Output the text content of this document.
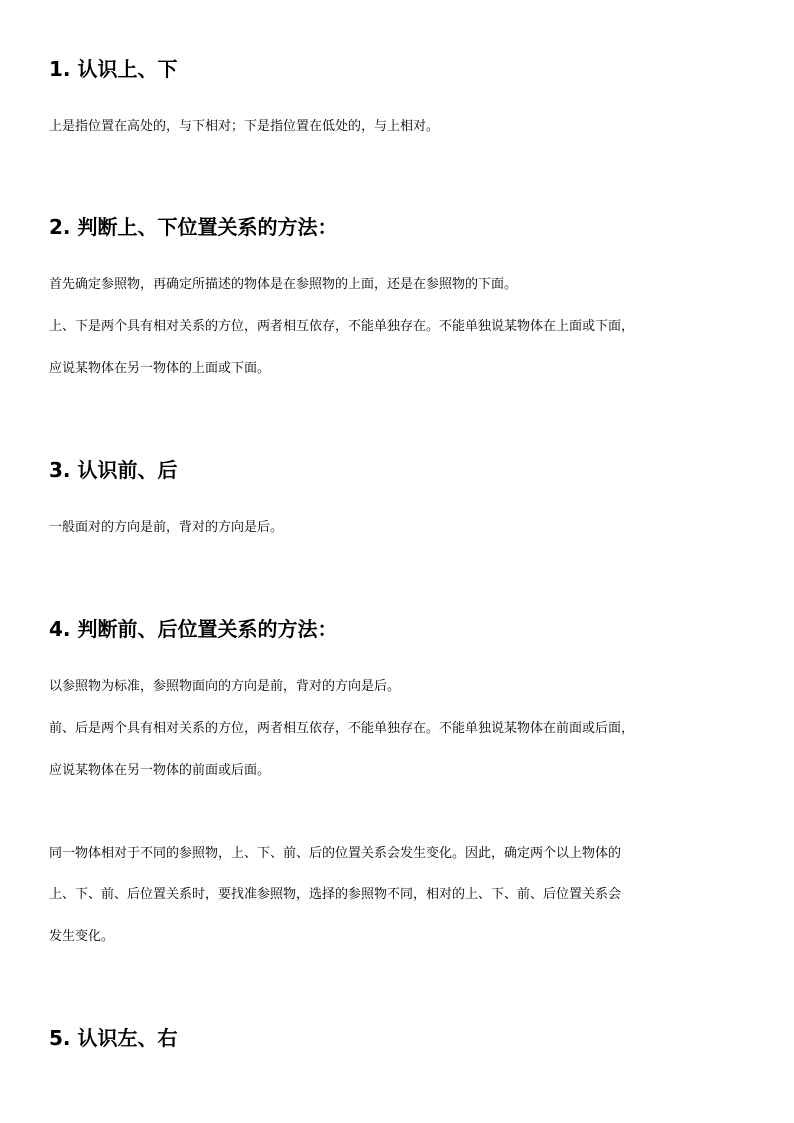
1. 认识上、下

上是指位置在高处的，与下相对；下是指位置在低处的，与上相对。

2. 判断上、下位置关系的方法：

首先确定参照物，再确定所描述的物体是在参照物的上面，还是在参照物的下面。

上、下是两个具有相对关系的方位，两者相互依存，不能单独存在。不能单独说某物体在上面或下面，

应说某物体在另一物体的上面或下面。

3. 认识前、后

一般面对的方向是前，背对的方向是后。

4. 判断前、后位置关系的方法：

以参照物为标准，参照物面向的方向是前，背对的方向是后。

前、后是两个具有相对关系的方位，两者相互依存，不能单独存在。不能单独说某物体在前面或后面，

应说某物体在另一物体的前面或后面。

同一物体相对于不同的参照物，上、下、前、后的位置关系会发生变化。因此，确定两个以上物体的

上、下、前、后位置关系时，要找准参照物，选择的参照物不同，相对的上、下、前、后位置关系会

发生变化。

5. 认识左、右
